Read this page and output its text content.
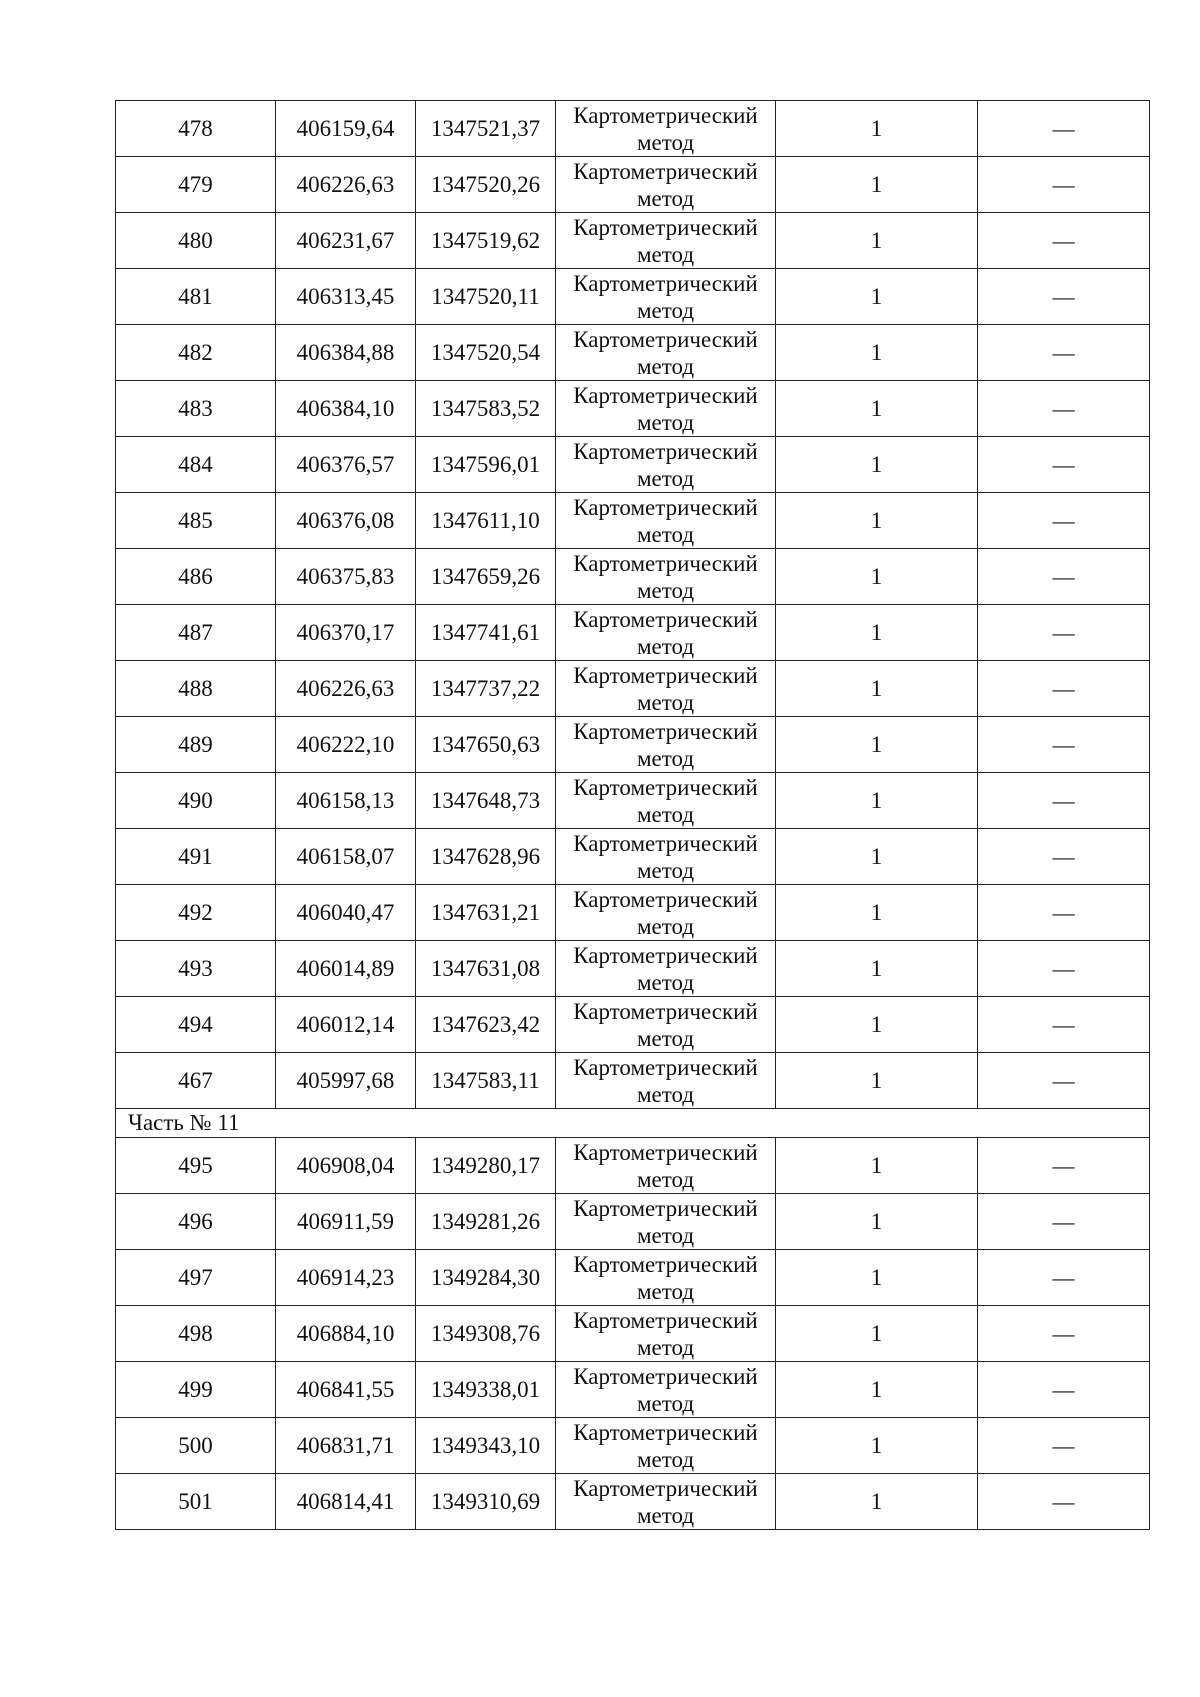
478	406159,64	1347521,37	Картометрический метод	1	—
479	406226,63	1347520,26	Картометрический метод	1	—
480	406231,67	1347519,62	Картометрический метод	1	—
481	406313,45	1347520,11	Картометрический метод	1	—
482	406384,88	1347520,54	Картометрический метод	1	—
483	406384,10	1347583,52	Картометрический метод	1	—
484	406376,57	1347596,01	Картометрический метод	1	—
485	406376,08	1347611,10	Картометрический метод	1	—
486	406375,83	1347659,26	Картометрический метод	1	—
487	406370,17	1347741,61	Картометрический метод	1	—
488	406226,63	1347737,22	Картометрический метод	1	—
489	406222,10	1347650,63	Картометрический метод	1	—
490	406158,13	1347648,73	Картометрический метод	1	—
491	406158,07	1347628,96	Картометрический метод	1	—
492	406040,47	1347631,21	Картометрический метод	1	—
493	406014,89	1347631,08	Картометрический метод	1	—
494	406012,14	1347623,42	Картометрический метод	1	—
467	405997,68	1347583,11	Картометрический метод	1	—
Часть № 11					
495	406908,04	1349280,17	Картометрический метод	1	—
496	406911,59	1349281,26	Картометрический метод	1	—
497	406914,23	1349284,30	Картометрический метод	1	—
498	406884,10	1349308,76	Картометрический метод	1	—
499	406841,55	1349338,01	Картометрический метод	1	—
500	406831,71	1349343,10	Картометрический метод	1	—
501	406814,41	1349310,69	Картометрический метод	1	—
